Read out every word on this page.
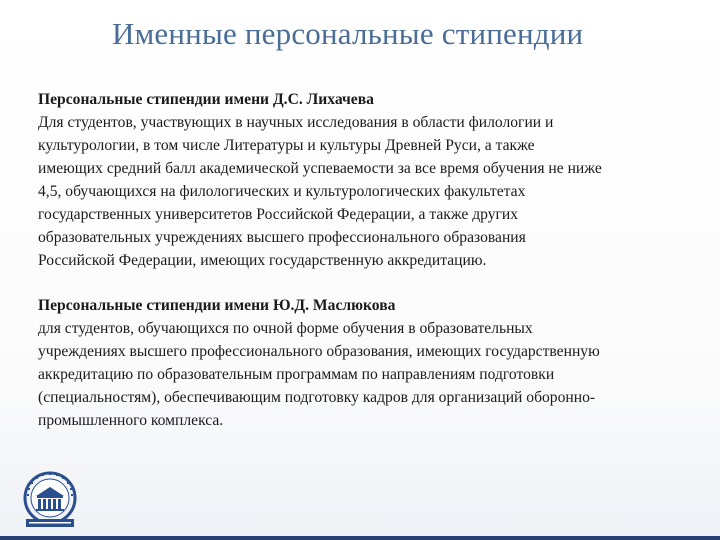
Именные персональные стипендии
Персональные стипендии имени Д.С. Лихачева
Для студентов, участвующих в научных исследования в области филологии и
культурологии, в том числе Литературы и культуры Древней Руси, а также
имеющих средний балл академической успеваемости за все время обучения не ниже
4,5, обучающихся на филологических и культурологических факультетах
государственных университетов Российской Федерации, а также других
образовательных учреждениях высшего профессионального образования
Российской Федерации, имеющих государственную аккредитацию.
Персональные стипендии имени Ю.Д. Маслюкова
для студентов, обучающихся по очной форме обучения в образовательных
учреждениях высшего профессионального образования, имеющих государственную
аккредитацию по образовательным программам по направлениям подготовки
(специальностям), обеспечивающим подготовку кадров для организаций оборонно-
промышленного комплекса.
